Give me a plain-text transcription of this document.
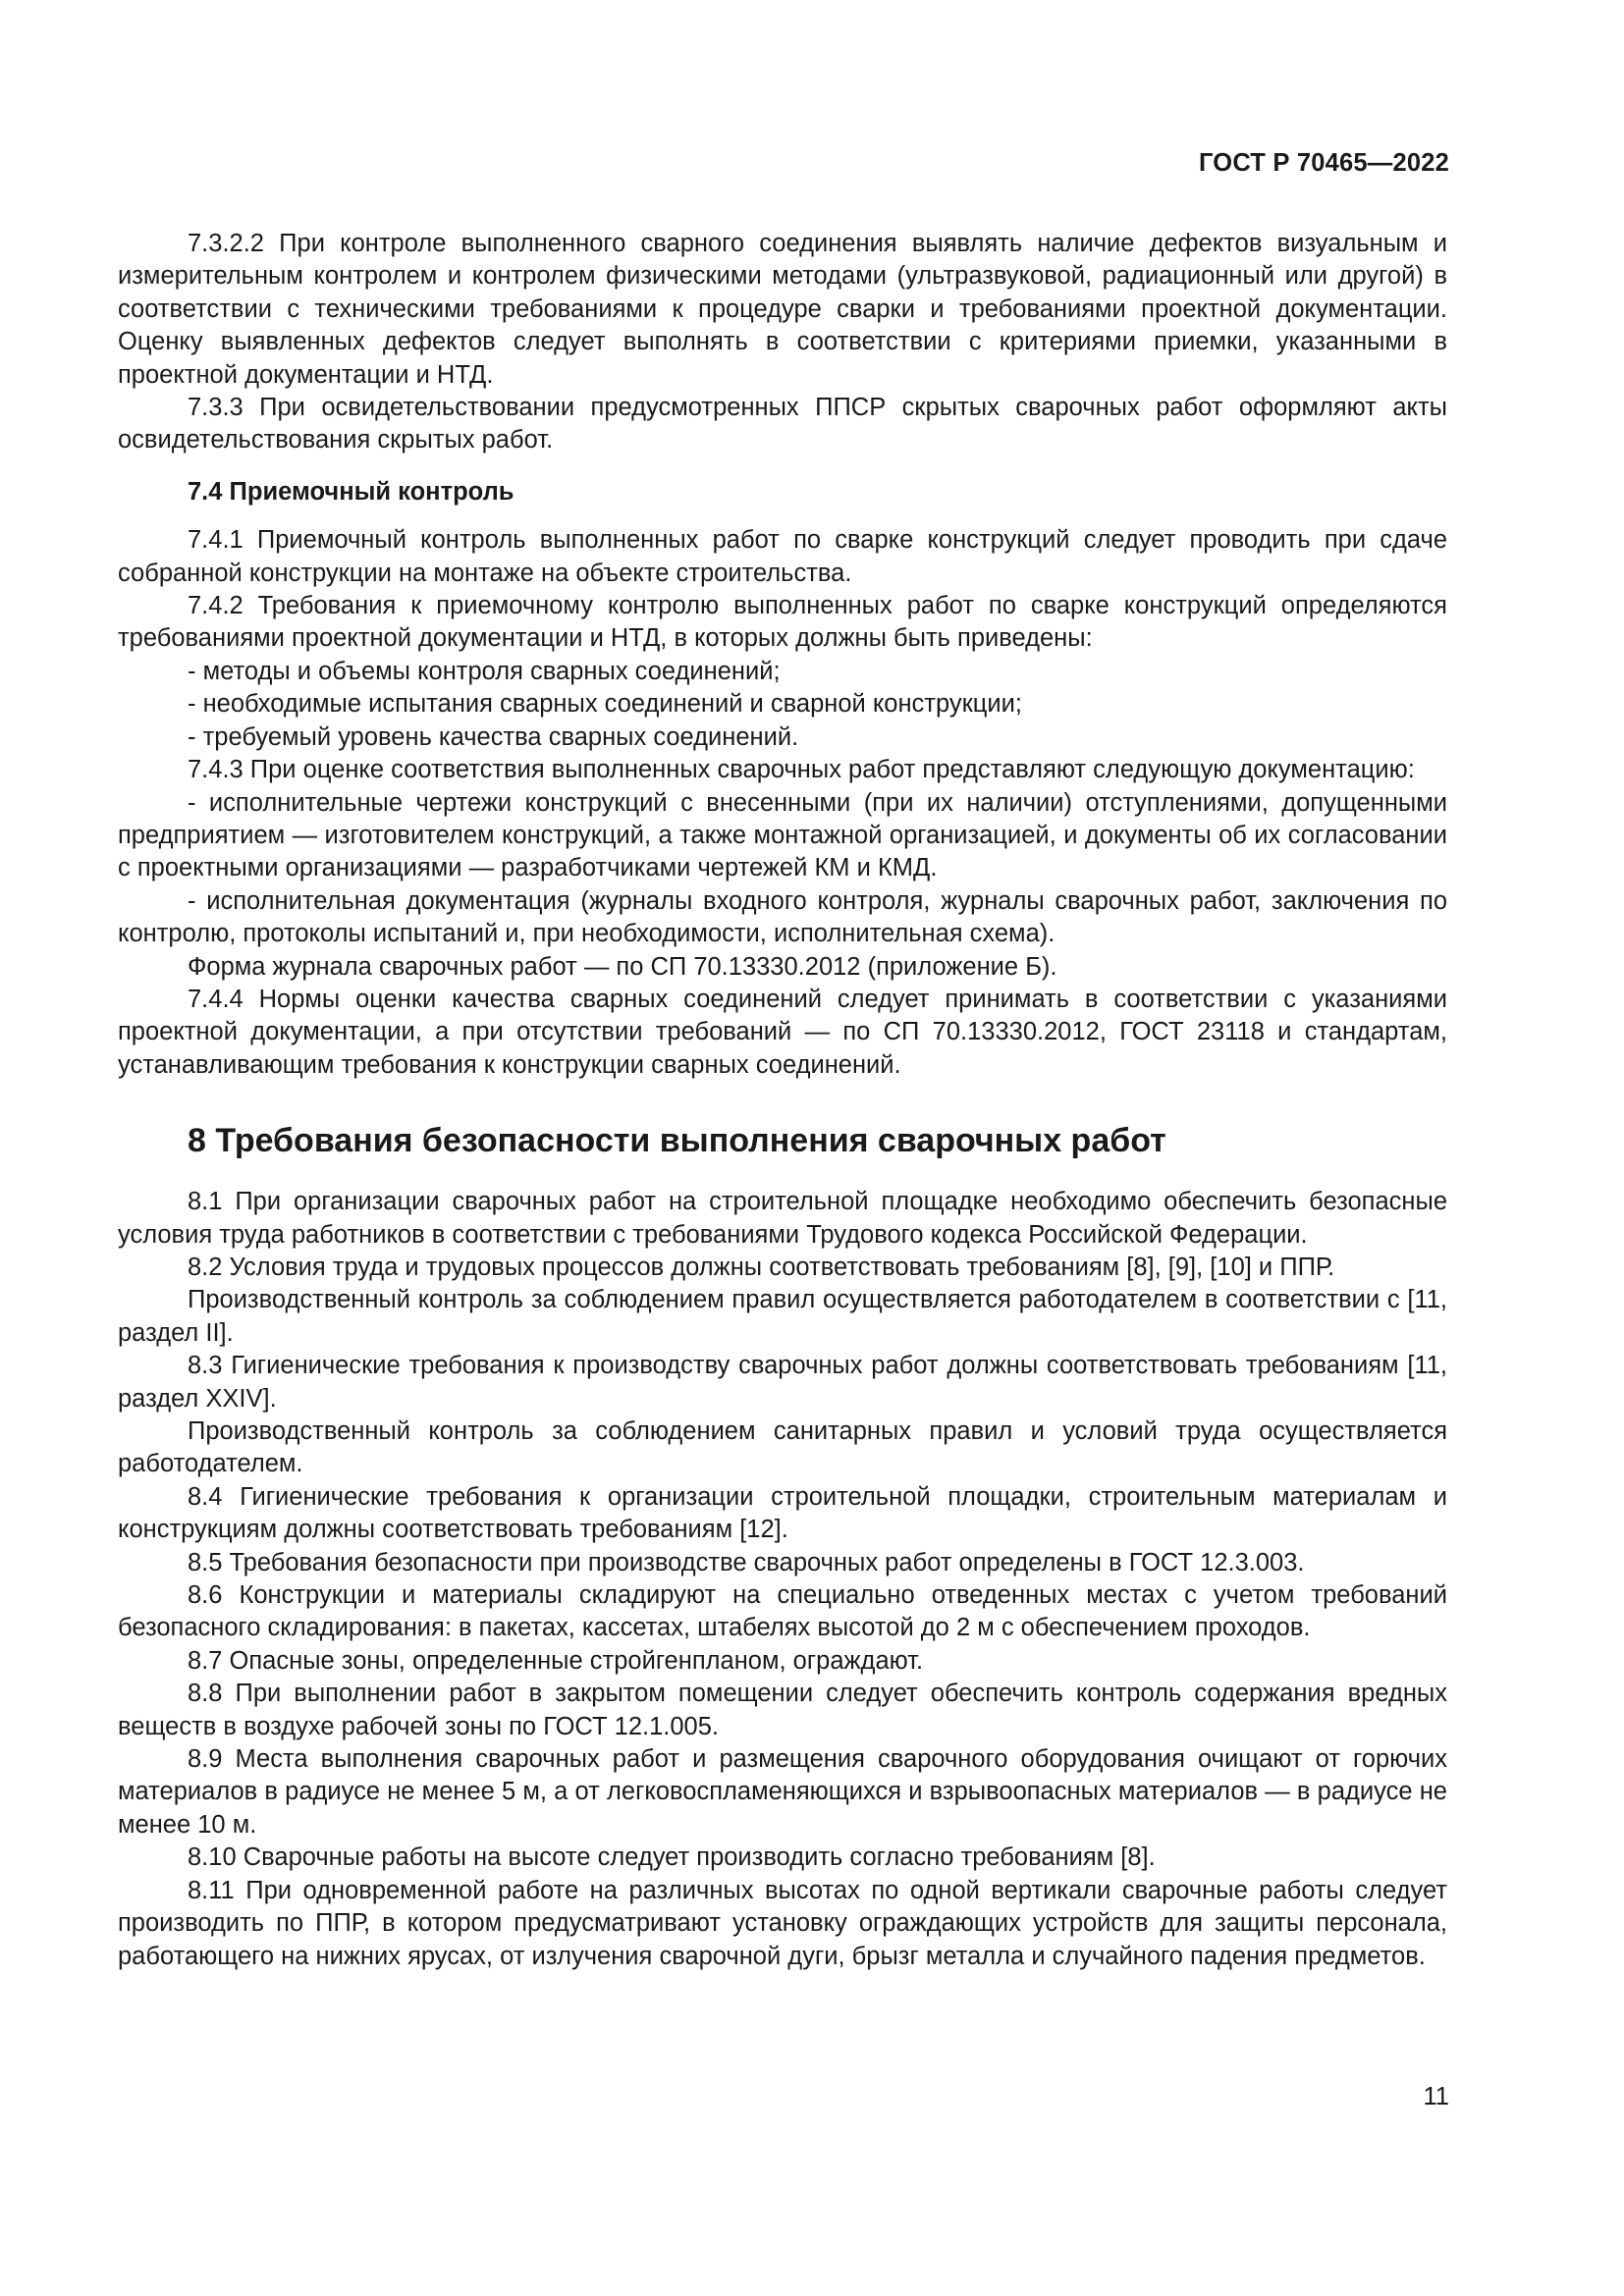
ГОСТ Р 70465—2022

7.3.2.2 При контроле выполненного сварного соединения выявлять наличие дефектов визуальным и измерительным контролем и контролем физическими методами (ультразвуковой, радиационный или другой) в соответствии с техническими требованиями к процедуре сварки и требованиями проектной документации. Оценку выявленных дефектов следует выполнять в соответствии с критериями приемки, указанными в проектной документации и НТД.

7.3.3 При освидетельствовании предусмотренных ППСР скрытых сварочных работ оформляют акты освидетельствования скрытых работ.

7.4 Приемочный контроль

7.4.1 Приемочный контроль выполненных работ по сварке конструкций следует проводить при сдаче собранной конструкции на монтаже на объекте строительства.

7.4.2 Требования к приемочному контролю выполненных работ по сварке конструкций определяются требованиями проектной документации и НТД, в которых должны быть приведены:

- методы и объемы контроля сварных соединений;

- необходимые испытания сварных соединений и сварной конструкции;

- требуемый уровень качества сварных соединений.

7.4.3 При оценке соответствия выполненных сварочных работ представляют следующую документацию:

- исполнительные чертежи конструкций с внесенными (при их наличии) отступлениями, допущенными предприятием — изготовителем конструкций, а также монтажной организацией, и документы об их согласовании с проектными организациями — разработчиками чертежей КМ и КМД.

- исполнительная документация (журналы входного контроля, журналы сварочных работ, заключения по контролю, протоколы испытаний и, при необходимости, исполнительная схема).

Форма журнала сварочных работ — по СП 70.13330.2012 (приложение Б).

7.4.4 Нормы оценки качества сварных соединений следует принимать в соответствии с указаниями проектной документации, а при отсутствии требований — по СП 70.13330.2012, ГОСТ 23118 и стандартам, устанавливающим требования к конструкции сварных соединений.

8 Требования безопасности выполнения сварочных работ

8.1 При организации сварочных работ на строительной площадке необходимо обеспечить безопасные условия труда работников в соответствии с требованиями Трудового кодекса Российской Федерации.

8.2 Условия труда и трудовых процессов должны соответствовать требованиям [8], [9], [10] и ППР.

Производственный контроль за соблюдением правил осуществляется работодателем в соответствии с [11, раздел II].

8.3 Гигиенические требования к производству сварочных работ должны соответствовать требованиям [11, раздел XXIV].

Производственный контроль за соблюдением санитарных правил и условий труда осуществляется работодателем.

8.4 Гигиенические требования к организации строительной площадки, строительным материалам и конструкциям должны соответствовать требованиям [12].

8.5 Требования безопасности при производстве сварочных работ определены в ГОСТ 12.3.003.

8.6 Конструкции и материалы складируют на специально отведенных местах с учетом требований безопасного складирования: в пакетах, кассетах, штабелях высотой до 2 м с обеспечением проходов.

8.7 Опасные зоны, определенные стройгенпланом, ограждают.

8.8 При выполнении работ в закрытом помещении следует обеспечить контроль содержания вредных веществ в воздухе рабочей зоны по ГОСТ 12.1.005.

8.9 Места выполнения сварочных работ и размещения сварочного оборудования очищают от горючих материалов в радиусе не менее 5 м, а от легковоспламеняющихся и взрывоопасных материалов — в радиусе не менее 10 м.

8.10 Сварочные работы на высоте следует производить согласно требованиям [8].

8.11 При одновременной работе на различных высотах по одной вертикали сварочные работы следует производить по ППР, в котором предусматривают установку ограждающих устройств для защиты персонала, работающего на нижних ярусах, от излучения сварочной дуги, брызг металла и случайного падения предметов.

11
